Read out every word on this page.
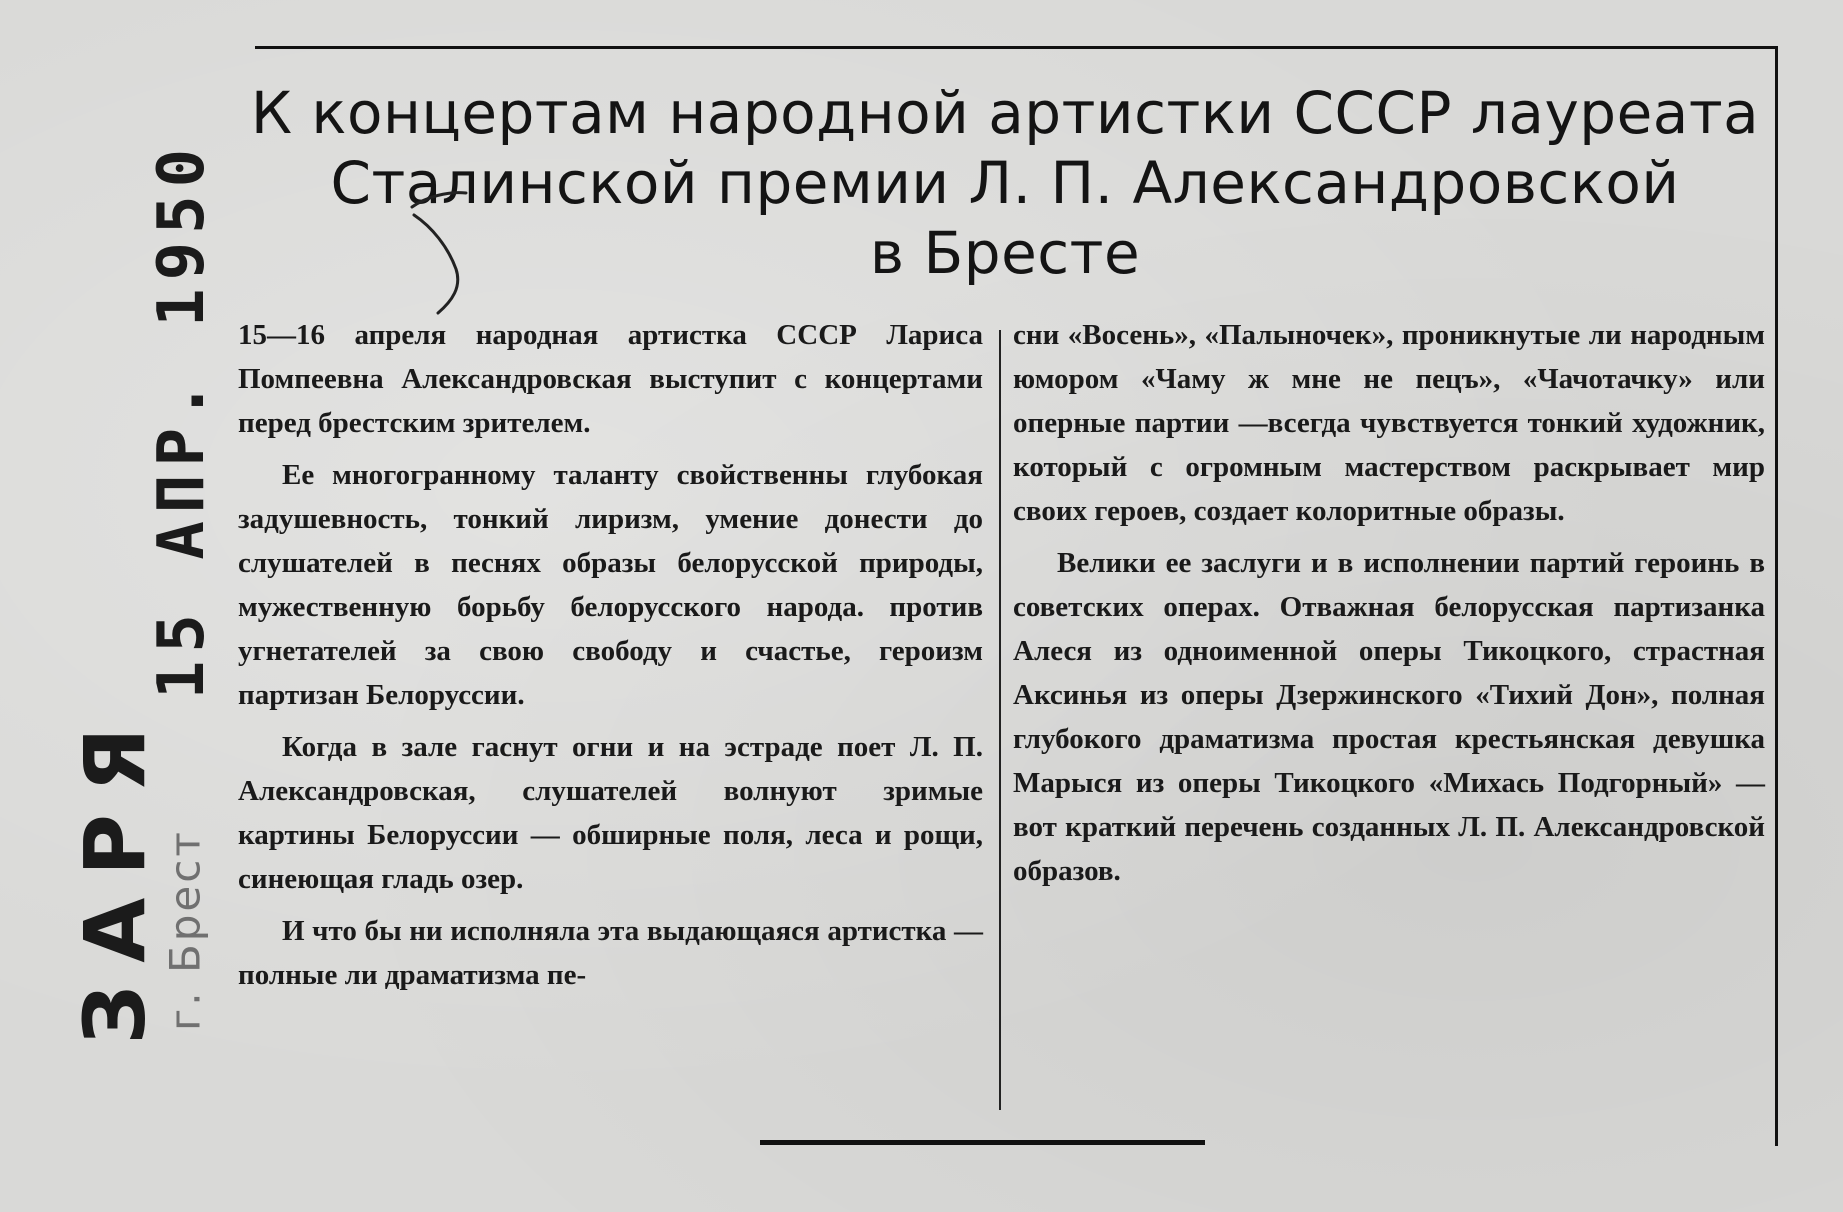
К концертам народной артистки СССР лауреата
Сталинской премии Л. П. Александровской
в Бресте
15 АПР. 1950
ЗАРЯ
г. Брест

15—16 апреля народная артистка СССР Лариса Помпеевна Александровская выступит с концертами перед брестским зрителем.

Ее многогранному таланту свойственны глубокая задушевность, тонкий лиризм, умение донести до слушателей в песнях образы белорусской природы, мужественную борьбу белорусского народа. против угнетателей за свою свободу и счастье, героизм партизан Белоруссии.

Когда в зале гаснут огни и на эстраде поет Л. П. Александровская, слушателей волнуют зримые картины Белоруссии — обширные поля, леса и рощи, синеющая гладь озер.

И что бы ни исполняла эта выдающаяся артистка — полные ли драматизма пе-

сни «Восень», «Палыночек», проникнутые ли народным юмором «Чаму ж мне не пецъ», «Чачотачку» или оперные партии —всегда чувствуется тонкий художник, который с огромным мастерством раскрывает мир своих героев, создает колоритные образы.

Велики ее заслуги и в исполнении партий героинь в советских операх. Отважная белорусская партизанка Алеся из одноименной оперы Тикоцкого, страстная Аксинья из оперы Дзержинского «Тихий Дон», полная глубокого драматизма простая крестьянская девушка Марыся из оперы Тикоцкого «Михась Подгорный» — вот краткий перечень созданных Л. П. Александровской образов.
